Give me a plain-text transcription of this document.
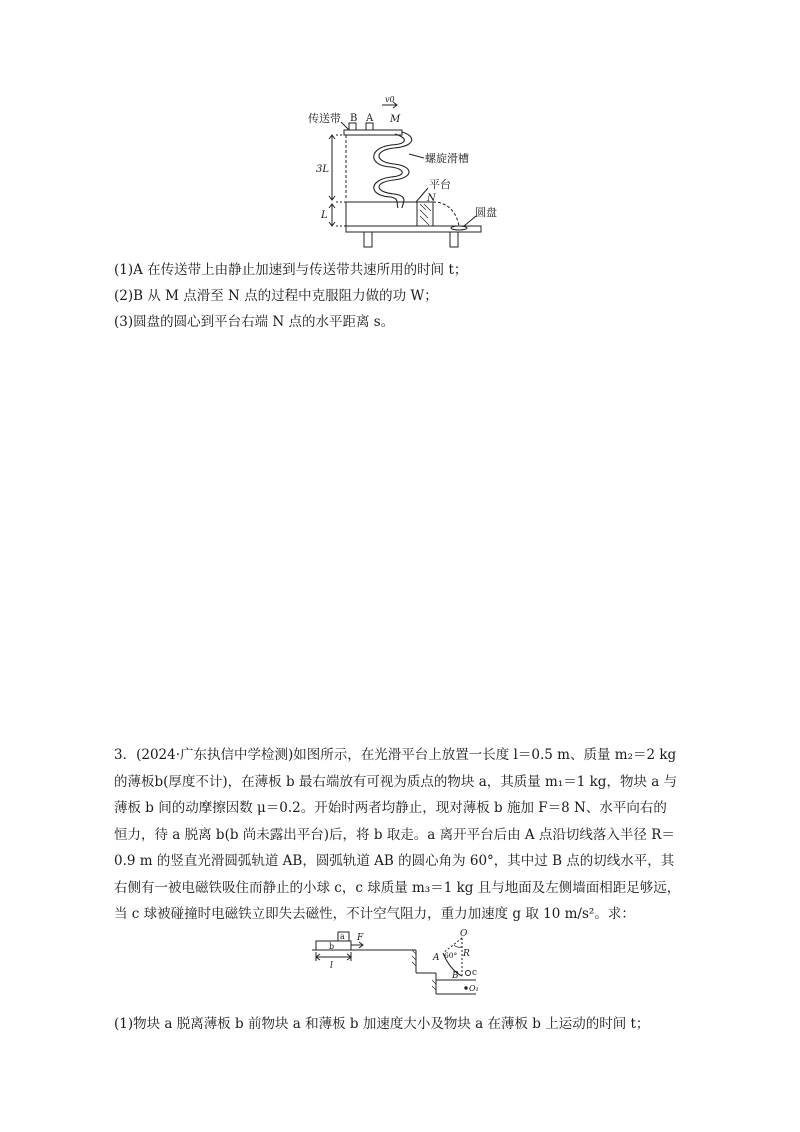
传送带 B A
v0
M
3L
螺旋滑槽
平台
N
L	圆盘
(1)A 在传送带上由静止加速到与传送带共速所用的时间 t；
(2)B 从 M 点滑至 N 点的过程中克服阻力做的功 W；
(3)圆盘的圆心到平台右端 N 点的水平距离 s。
3．(2024·广东执信中学检测)如图所示，在光滑平台上放置一长度 l＝0.5 m、质量 m₂＝2 kg
的薄板b(厚度不计)，在薄板 b 最右端放有可视为质点的物块 a，其质量 m₁＝1 kg，物块 a 与
薄板 b 间的动摩擦因数 μ＝0.2。开始时两者均静止，现对薄板 b 施加 F＝8 N、水平向右的
恒力，待 a 脱离 b(b 尚未露出平台)后，将 b 取走。a 离开平台后由 A 点沿切线落入半径 R＝
0.9 m 的竖直光滑圆弧轨道 AB，圆弧轨道 AB 的圆心角为 60°，其中过 B 点的切线水平，其
右侧有一被电磁铁吸住而静止的小球 c，c 球质量 m₃＝1 kg 且与地面及左侧墙面相距足够远，
当 c 球被碰撞时电磁铁立即失去磁性，不计空气阻力，重力加速度 g 取 10 m/s²。求：
a
b
F
l
O
A 60° R
B c
O₁
(1)物块 a 脱离薄板 b 前物块 a 和薄板 b 加速度大小及物块 a 在薄板 b 上运动的时间 t；
